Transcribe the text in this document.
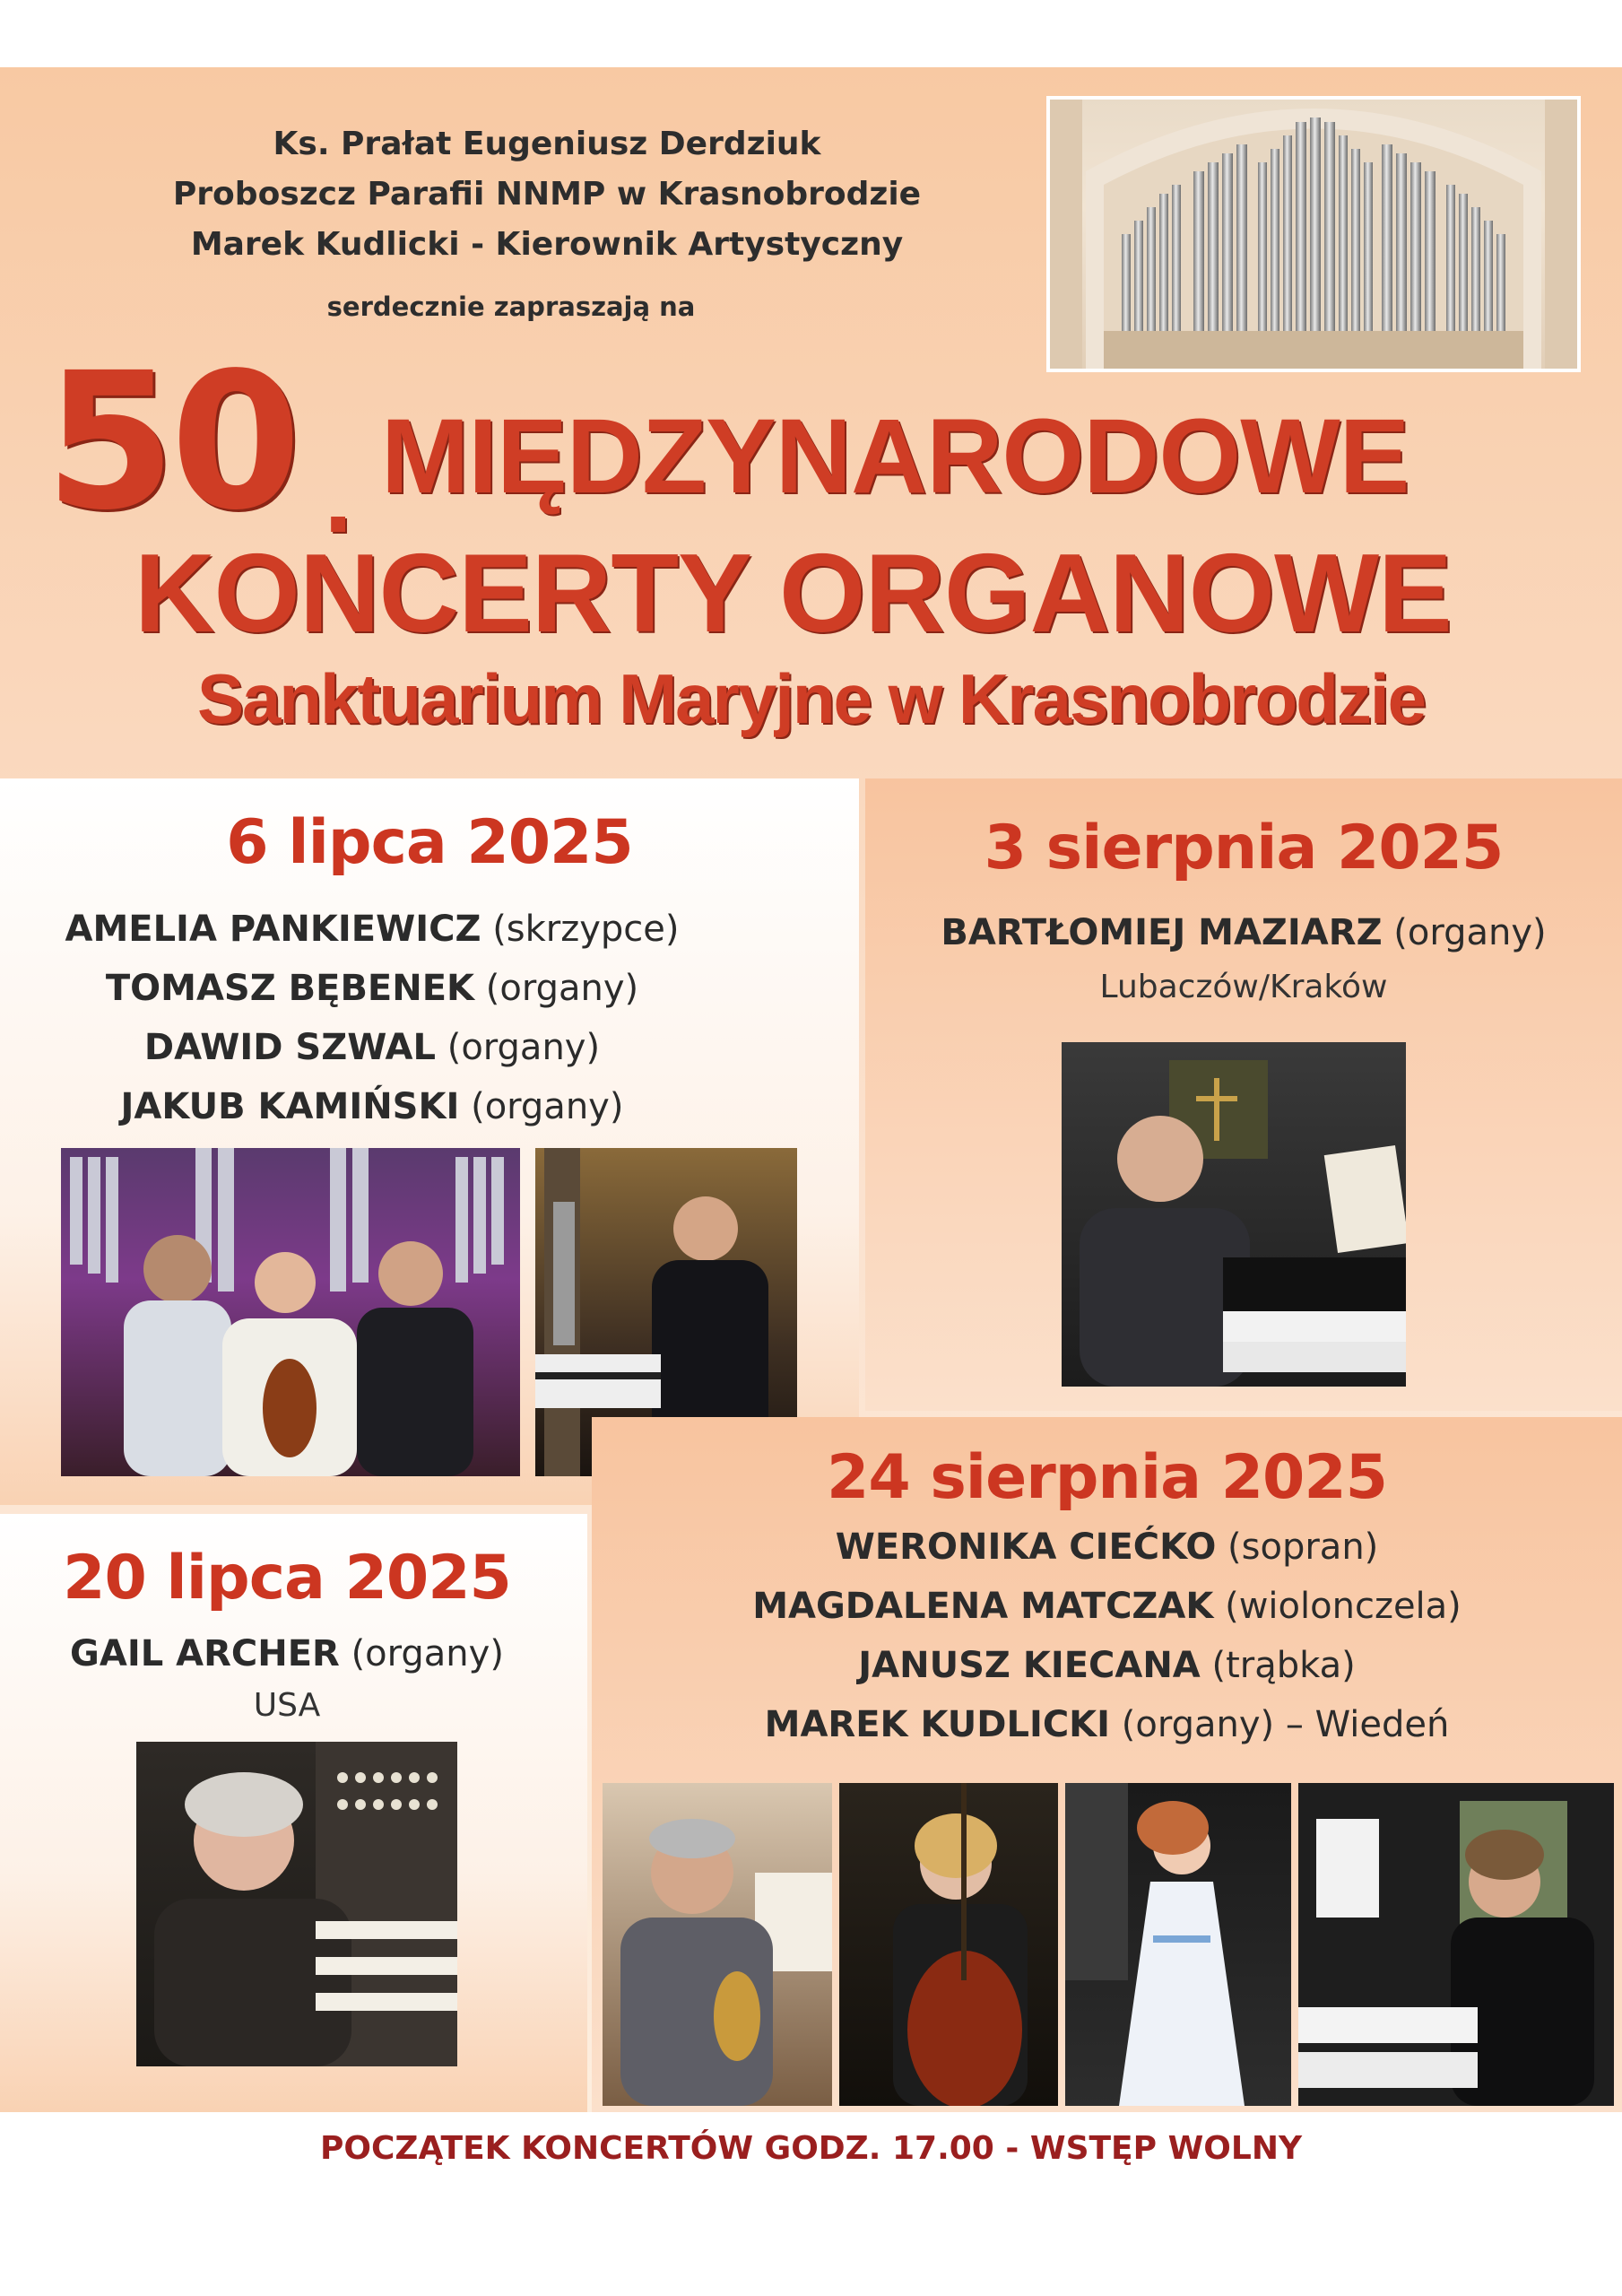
Ks. Prałat Eugeniusz Derdziuk
Proboszcz Parafii NNMP w Krasnobrodzie
Marek Kudlicki - Kierownik Artystyczny
serdecznie zapraszają na
50 . MIĘDZYNARODOWE
KONCERTY ORGANOWE
Sanktuarium Maryjne w Krasnobrodzie
6 lipca 2025
AMELIA PANKIEWICZ (skrzypce)
TOMASZ BĘBENEK (organy)
DAWID SZWAL (organy)
JAKUB KAMIŃSKI (organy)
3 sierpnia 2025
BARTŁOMIEJ MAZIARZ (organy)
Lubaczów/Kraków
20 lipca 2025
GAIL ARCHER (organy)
USA
24 sierpnia 2025
WERONIKA CIEĆKO (sopran)
MAGDALENA MATCZAK (wiolonczela)
JANUSZ KIECANA (trąbka)
MAREK KUDLICKI (organy) – Wiedeń
POCZĄTEK KONCERTÓW GODZ. 17.00 - WSTĘP WOLNY
